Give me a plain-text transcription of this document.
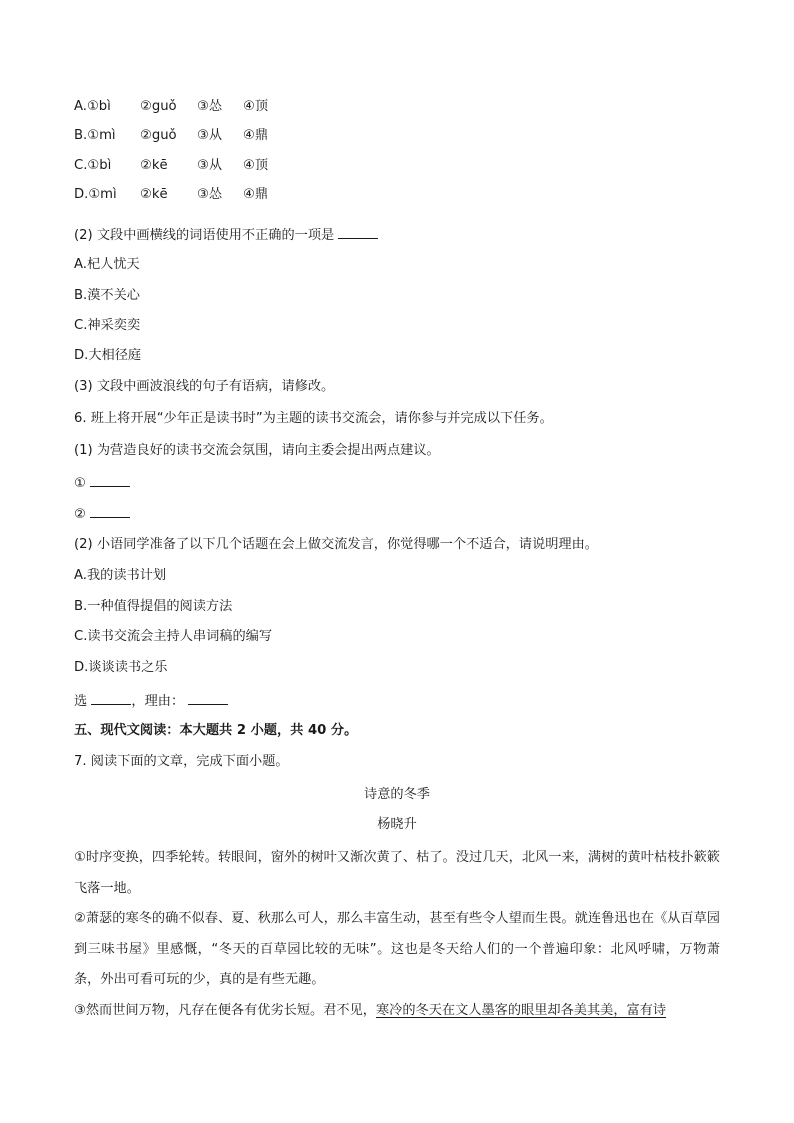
A.①bì ②guǒ ③怂 ④顶
B.①mì ②guǒ ③从 ④鼎
C.①bì ②kē ③从 ④顶
D.①mì ②kē ③怂 ④鼎
(2) 文段中画横线的词语使用不正确的一项是
A.杞人忧天
B.漠不关心
C.神采奕奕
D.大相径庭
(3) 文段中画波浪线的句子有语病，请修改。
6. 班上将开展“少年正是读书时”为主题的读书交流会，请你参与并完成以下任务。
(1) 为营造良好的读书交流会氛围，请向主委会提出两点建议。
①
②
(2) 小语同学准备了以下几个话题在会上做交流发言，你觉得哪一个不适合，请说明理由。
A.我的读书计划
B.一种值得提倡的阅读方法
C.读书交流会主持人串词稿的编写
D.谈谈读书之乐
选	，理由：
五、现代文阅读：本大题共 2 小题，共 40 分。
7. 阅读下面的文章，完成下面小题。
诗意的冬季
杨晓升
①时序变换，四季轮转。转眼间，窗外的树叶又渐次黄了、枯了。没过几天，北风一来，满树的黄叶枯枝扑簌簌飞落一地。
②萧瑟的寒冬的确不似春、夏、秋那么可人，那么丰富生动，甚至有些令人望而生畏。就连鲁迅也在《从百草园到三味书屋》里感慨，“冬天的百草园比较的无味”。这也是冬天给人们的一个普遍印象：北风呼啸，万物萧条，外出可看可玩的少，真的是有些无趣。
③然而世间万物，凡存在便各有优劣长短。君不见，寒冷的冬天在文人墨客的眼里却各美其美，富有诗
